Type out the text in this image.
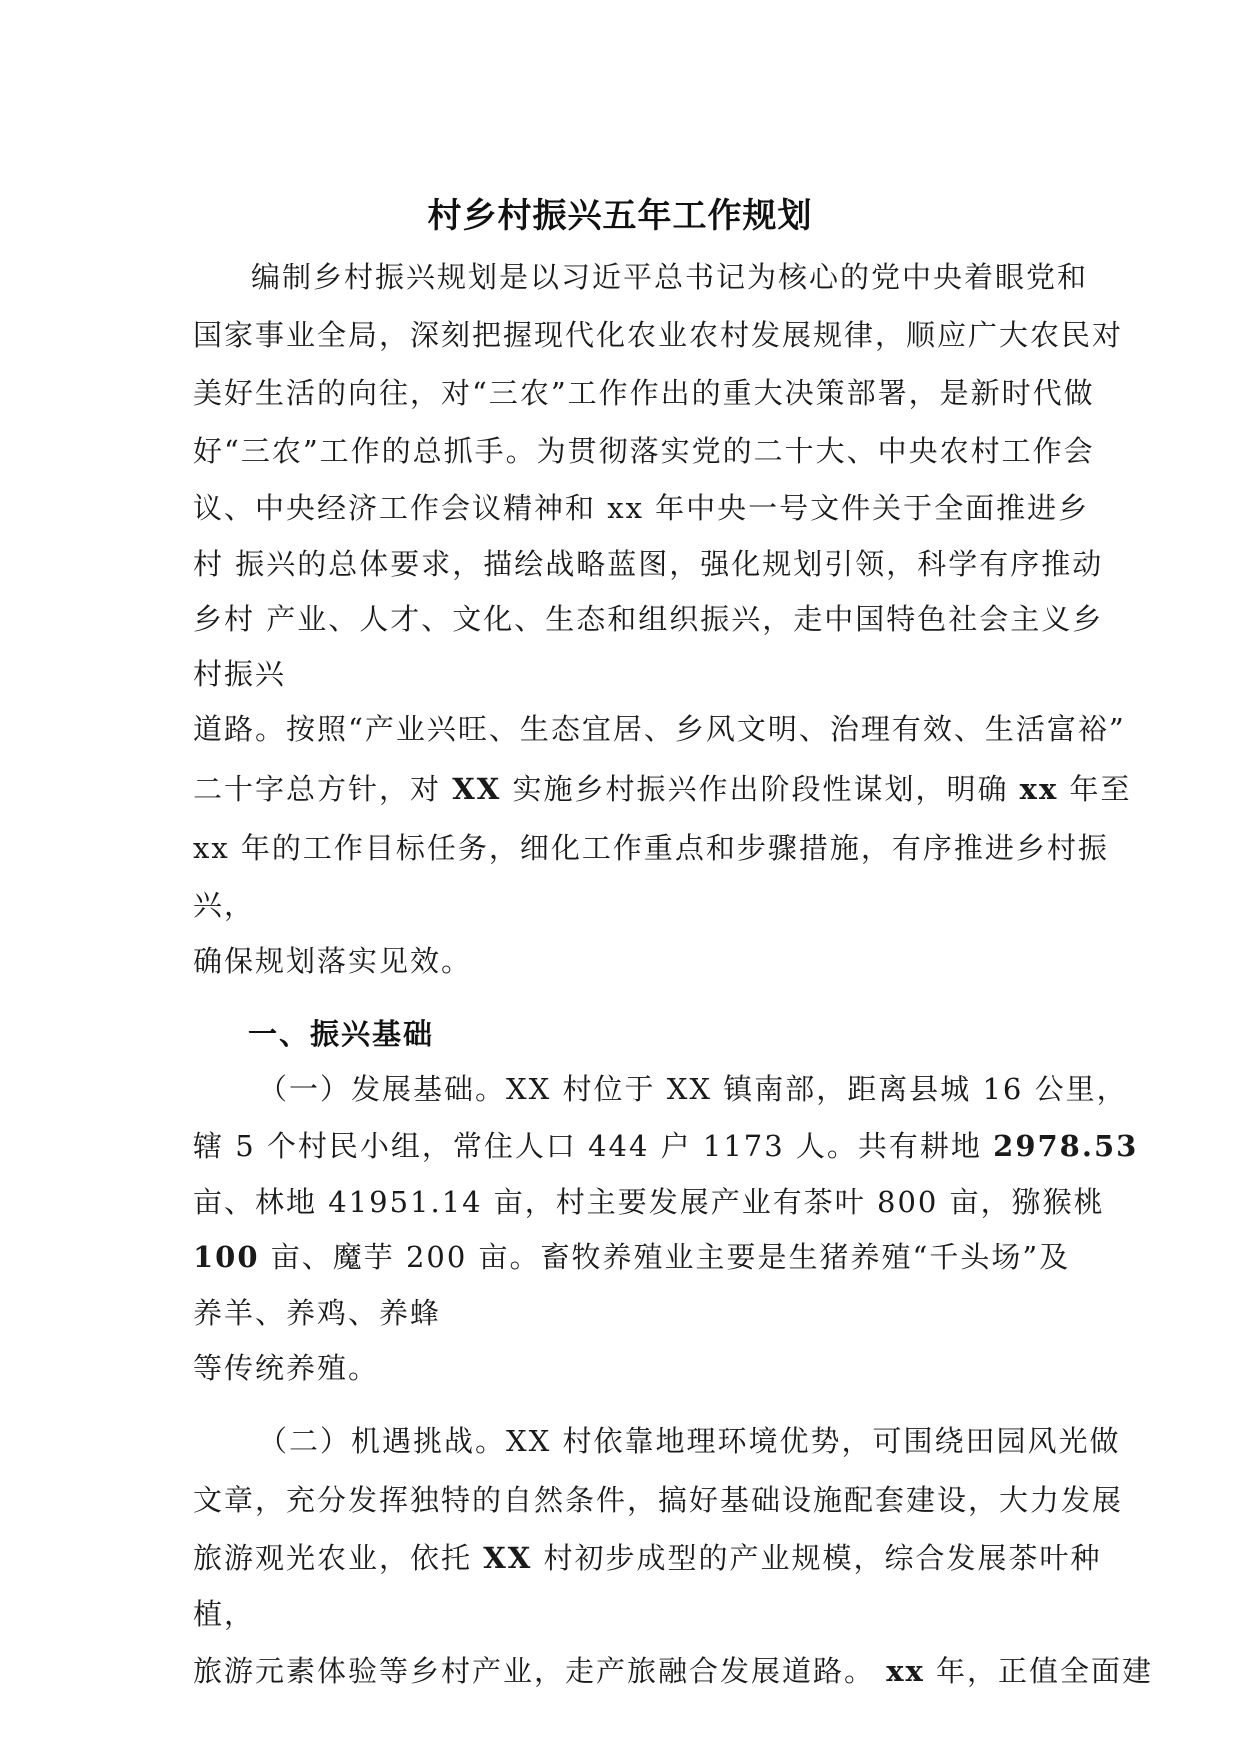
村乡村振兴五年工作规划
编制乡村振兴规划是以习近平总书记为核心的党中央着眼党和
国家事业全局，深刻把握现代化农业农村发展规律，顺应广大农民对
美好生活的向往，对“三农”工作作出的重大决策部署，是新时代做
好“三农”工作的总抓手。为贯彻落实党的二十大、中央农村工作会
议、中央经济工作会议精神和 xx 年中央一号文件关于全面推进乡
村 振兴的总体要求，描绘战略蓝图，强化规划引领，科学有序推动
乡村 产业、人才、文化、生态和组织振兴，走中国特色社会主义乡
村振兴
道路。按照“产业兴旺、生态宜居、乡风文明、治理有效、生活富裕”
二十字总方针，对 XX 实施乡村振兴作出阶段性谋划，明确 xx 年至
xx 年的工作目标任务，细化工作重点和步骤措施，有序推进乡村振
兴，
确保规划落实见效。
一、振兴基础
（一）发展基础。XX 村位于 XX 镇南部，距离县城 16 公里，
辖 5 个村民小组，常住人口 444 户 1173 人。共有耕地 2978.53
亩、林地 41951.14 亩，村主要发展产业有茶叶 800 亩，猕猴桃
100 亩、魔芋 200 亩。畜牧养殖业主要是生猪养殖“千头场”及
养羊、养鸡、养蜂
等传统养殖。
（二）机遇挑战。XX 村依靠地理环境优势，可围绕田园风光做
文章，充分发挥独特的自然条件，搞好基础设施配套建设，大力发展
旅游观光农业，依托 XX 村初步成型的产业规模，综合发展茶叶种
植，
旅游元素体验等乡村产业，走产旅融合发展道路。 xx 年，正值全面建
